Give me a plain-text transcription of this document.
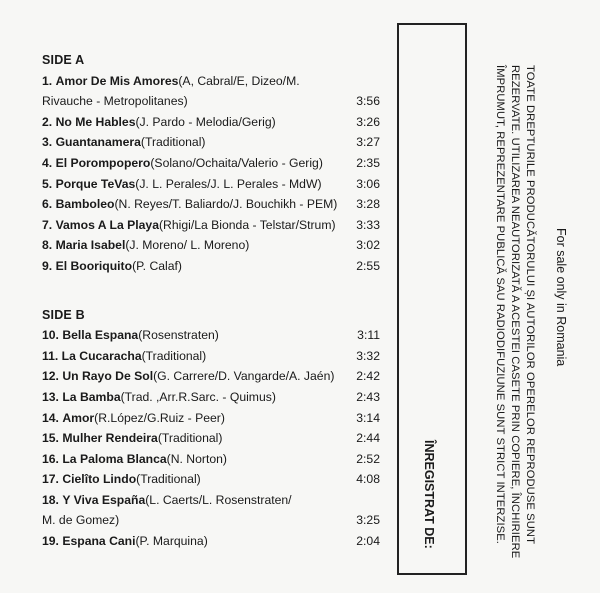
SIDE A
1. Amor De Mis Amores(A, Cabral/E, Dizeo/M.
Rivauche - Metropolitanes)	3:56
2. No Me Hables(J. Pardo - Melodia/Gerig)	3:26
3. Guantanamera(Traditional)	3:27
4. El Porompopero(Solano/Ochaita/Valerio - Gerig)	2:35
5. Porque TeVas(J. L. Perales/J. L. Perales - MdW)	3:06
6. Bamboleo(N. Reyes/T. Baliardo/J. Bouchikh - PEM) 3:28
7. Vamos A La Playa(Rhigi/La Bionda - Telstar/Strum) 3:33
8. Maria Isabel(J. Moreno/ L. Moreno)	3:02
9. El Booriquito(P. Calaf)	2:55
SIDE B
10. Bella Espana(Rosenstraten)	3:11
11. La Cucaracha(Traditional)	3:32
12. Un Rayo De Sol(G. Carrere/D. Vangarde/A. Jaén) 2:42
13. La Bamba(Trad. ,Arr.R.Sarc. - Quimus)	2:43
14. Amor(R.López/G.Ruiz - Peer)	3:14
15. Mulher Rendeira(Traditional)	2:44
16. La Paloma Blanca(N. Norton)	2:52
17. Cielîto Lindo(Traditional)	4:08
18. Y Viva España(L. Caerts/L. Rosenstraten/
M. de Gomez)	3:25
19. Espana Cani(P. Marquina)	2:04	ÎNREGISTRAT DE:	TOATE DREPTURILE PRODUCĂTORULUI ȘI AUTORILOR OPERELOR REPRODUSE SUNT
REZERVATE. UTILIZAREA NEAUTORIZATĂ A ACESTEI CASETE PRIN COPIERE, ÎNCHIRIERE
ÎMPRUMUT, REPREZENTARE PUBLICĂ SAU RADIODIFUZIUNE SUNT STRICT INTERZISE.	For sale only in Romania
